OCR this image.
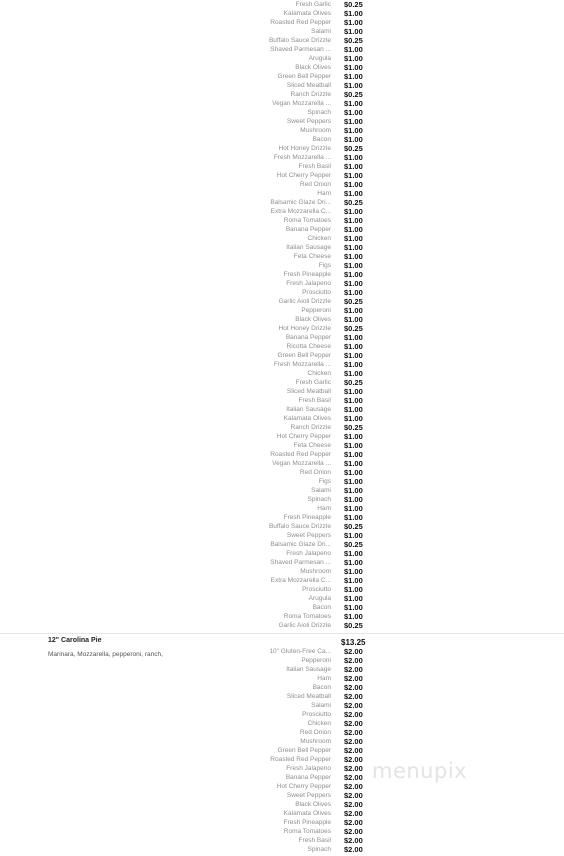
Fresh Garlic $0.25
Kalamata Olives $1.00
Roasted Red Pepper $1.00
Salami $1.00
Buffalo Sauce Drizzle $0.25
Shaved Parmesan ... $1.00
Arugula $1.00
Black Olives $1.00
Green Bell Pepper $1.00
Sliced Meatball $1.00
Ranch Drizzle $0.25
Vegan Mozzarella ... $1.00
Spinach $1.00
Sweet Peppers $1.00
Mushroom $1.00
Bacon $1.00
Hot Honey Drizzle $0.25
Fresh Mozzarella ... $1.00
Fresh Basil $1.00
Hot Cherry Pepper $1.00
Red Onion $1.00
Ham $1.00
Balsamic Glaze Dri... $0.25
Extra Mozzarella C... $1.00
Roma Tomatoes $1.00
Banana Pepper $1.00
Chicken $1.00
Italian Sausage $1.00
Feta Cheese $1.00
Figs $1.00
Fresh Pineapple $1.00
Fresh Jalapeno $1.00
Prosciutto $1.00
Garlic Aioli Drizzle $0.25
Pepperoni $1.00
Black Olives $1.00
Hot Honey Drizzle $0.25
Banana Pepper $1.00
Ricotta Cheese $1.00
Green Bell Pepper $1.00
Fresh Mozzarella ... $1.00
Chicken $1.00
Fresh Garlic $0.25
Sliced Meatball $1.00
Fresh Basil $1.00
Italian Sausage $1.00
Kalamata Olives $1.00
Ranch Drizzle $0.25
Hot Cherry Pepper $1.00
Feta Cheese $1.00
Roasted Red Pepper $1.00
Vegan Mozzarella ... $1.00
Red Onion $1.00
Figs $1.00
Salami $1.00
Spinach $1.00
Ham $1.00
Fresh Pineapple $1.00
Buffalo Sauce Drizzle $0.25
Sweet Peppers $1.00
Balsamic Glaze Dri... $0.25
Fresh Jalapeno $1.00
Shaved Parmesan ... $1.00
Mushroom $1.00
Extra Mozzarella C... $1.00
Prosciutto $1.00
Arugula $1.00
Bacon $1.00
Roma Tomatoes $1.00
Garlic Aioli Drizzle $0.25
12" Carolina Pie	$13.25
Marinara, Mozzarella, pepperoni, ranch,	10" Gluten-Free Ca... $2.00
Pepperoni $2.00
Italian Sausage $2.00
Ham $2.00
Bacon $2.00
Sliced Meatball $2.00
Salami $2.00
Prosciutto $2.00
Chicken $2.00
Red Onion $2.00
Mushroom $2.00
Green Bell Pepper $2.00
Roasted Red Pepper $2.00
Fresh Jalapeno $2.00
Banana Pepper $2.00
Hot Cherry Pepper $2.00
Sweet Peppers $2.00
Black Olives $2.00
Kalamata Olives $2.00
Fresh Pineapple $2.00
Roma Tomatoes $2.00
Fresh Basil $2.00
Spinach $2.00
menupix
